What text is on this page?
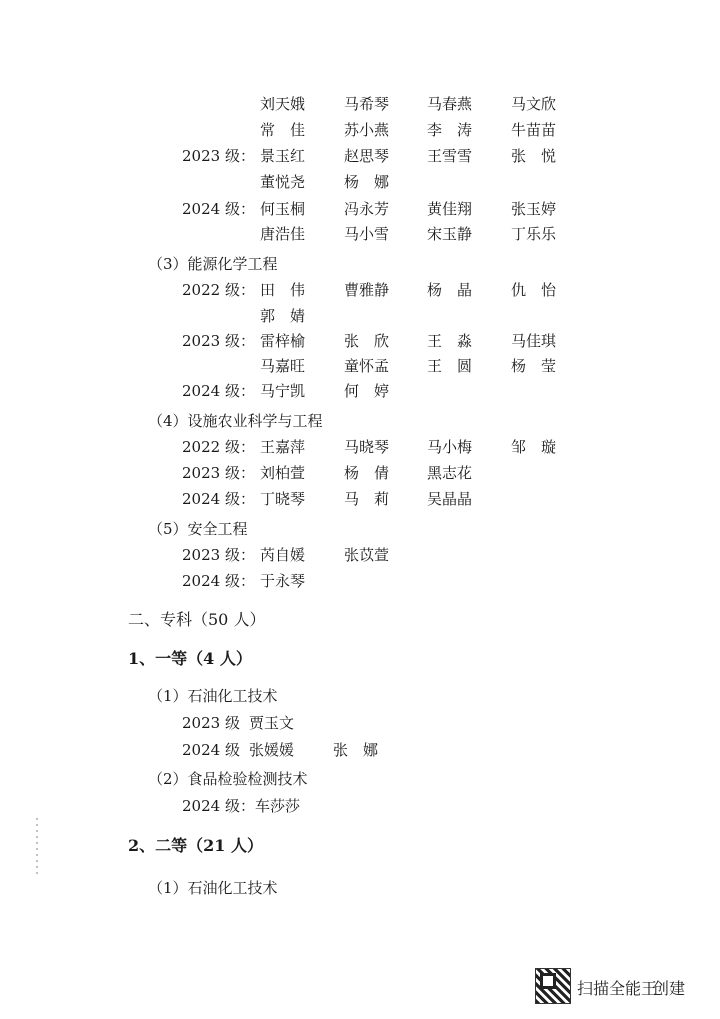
刘天娥	马希琴	马春燕	马文欣
常　佳	苏小燕	李　涛	牛苗苗
2023 级： 景玉红	赵思琴	王雪雪	张　悦
董悦尧	杨　娜
2024 级： 何玉桐	冯永芳	黄佳翔	张玉婷
唐浩佳	马小雪	宋玉静	丁乐乐
（3）能源化学工程
2022 级： 田　伟	曹雅静	杨　晶	仇　怡
郭　婧
2023 级： 雷梓榆	张　欣	王　淼	马佳琪
马嘉旺	童怀孟	王　圆	杨　莹
2024 级： 马宁凯	何　婷
（4）设施农业科学与工程
2022 级： 王嘉萍	马晓琴	马小梅	邹　璇
2023 级： 刘柏萱	杨　倩	黑志花
2024 级： 丁晓琴	马　莉	吴晶晶
（5）安全工程
2023 级： 芮自媛	张苡萱
2024 级： 于永琴
二、专科（50 人）
1、一等（4 人）
（1）石油化工技术
2023 级 贾玉文
2024 级 张媛媛	张　娜
（2）食品检验检测技术
2024 级：车莎莎
2、二等（21 人）
（1）石油化工技术
扫描全能王
创建
